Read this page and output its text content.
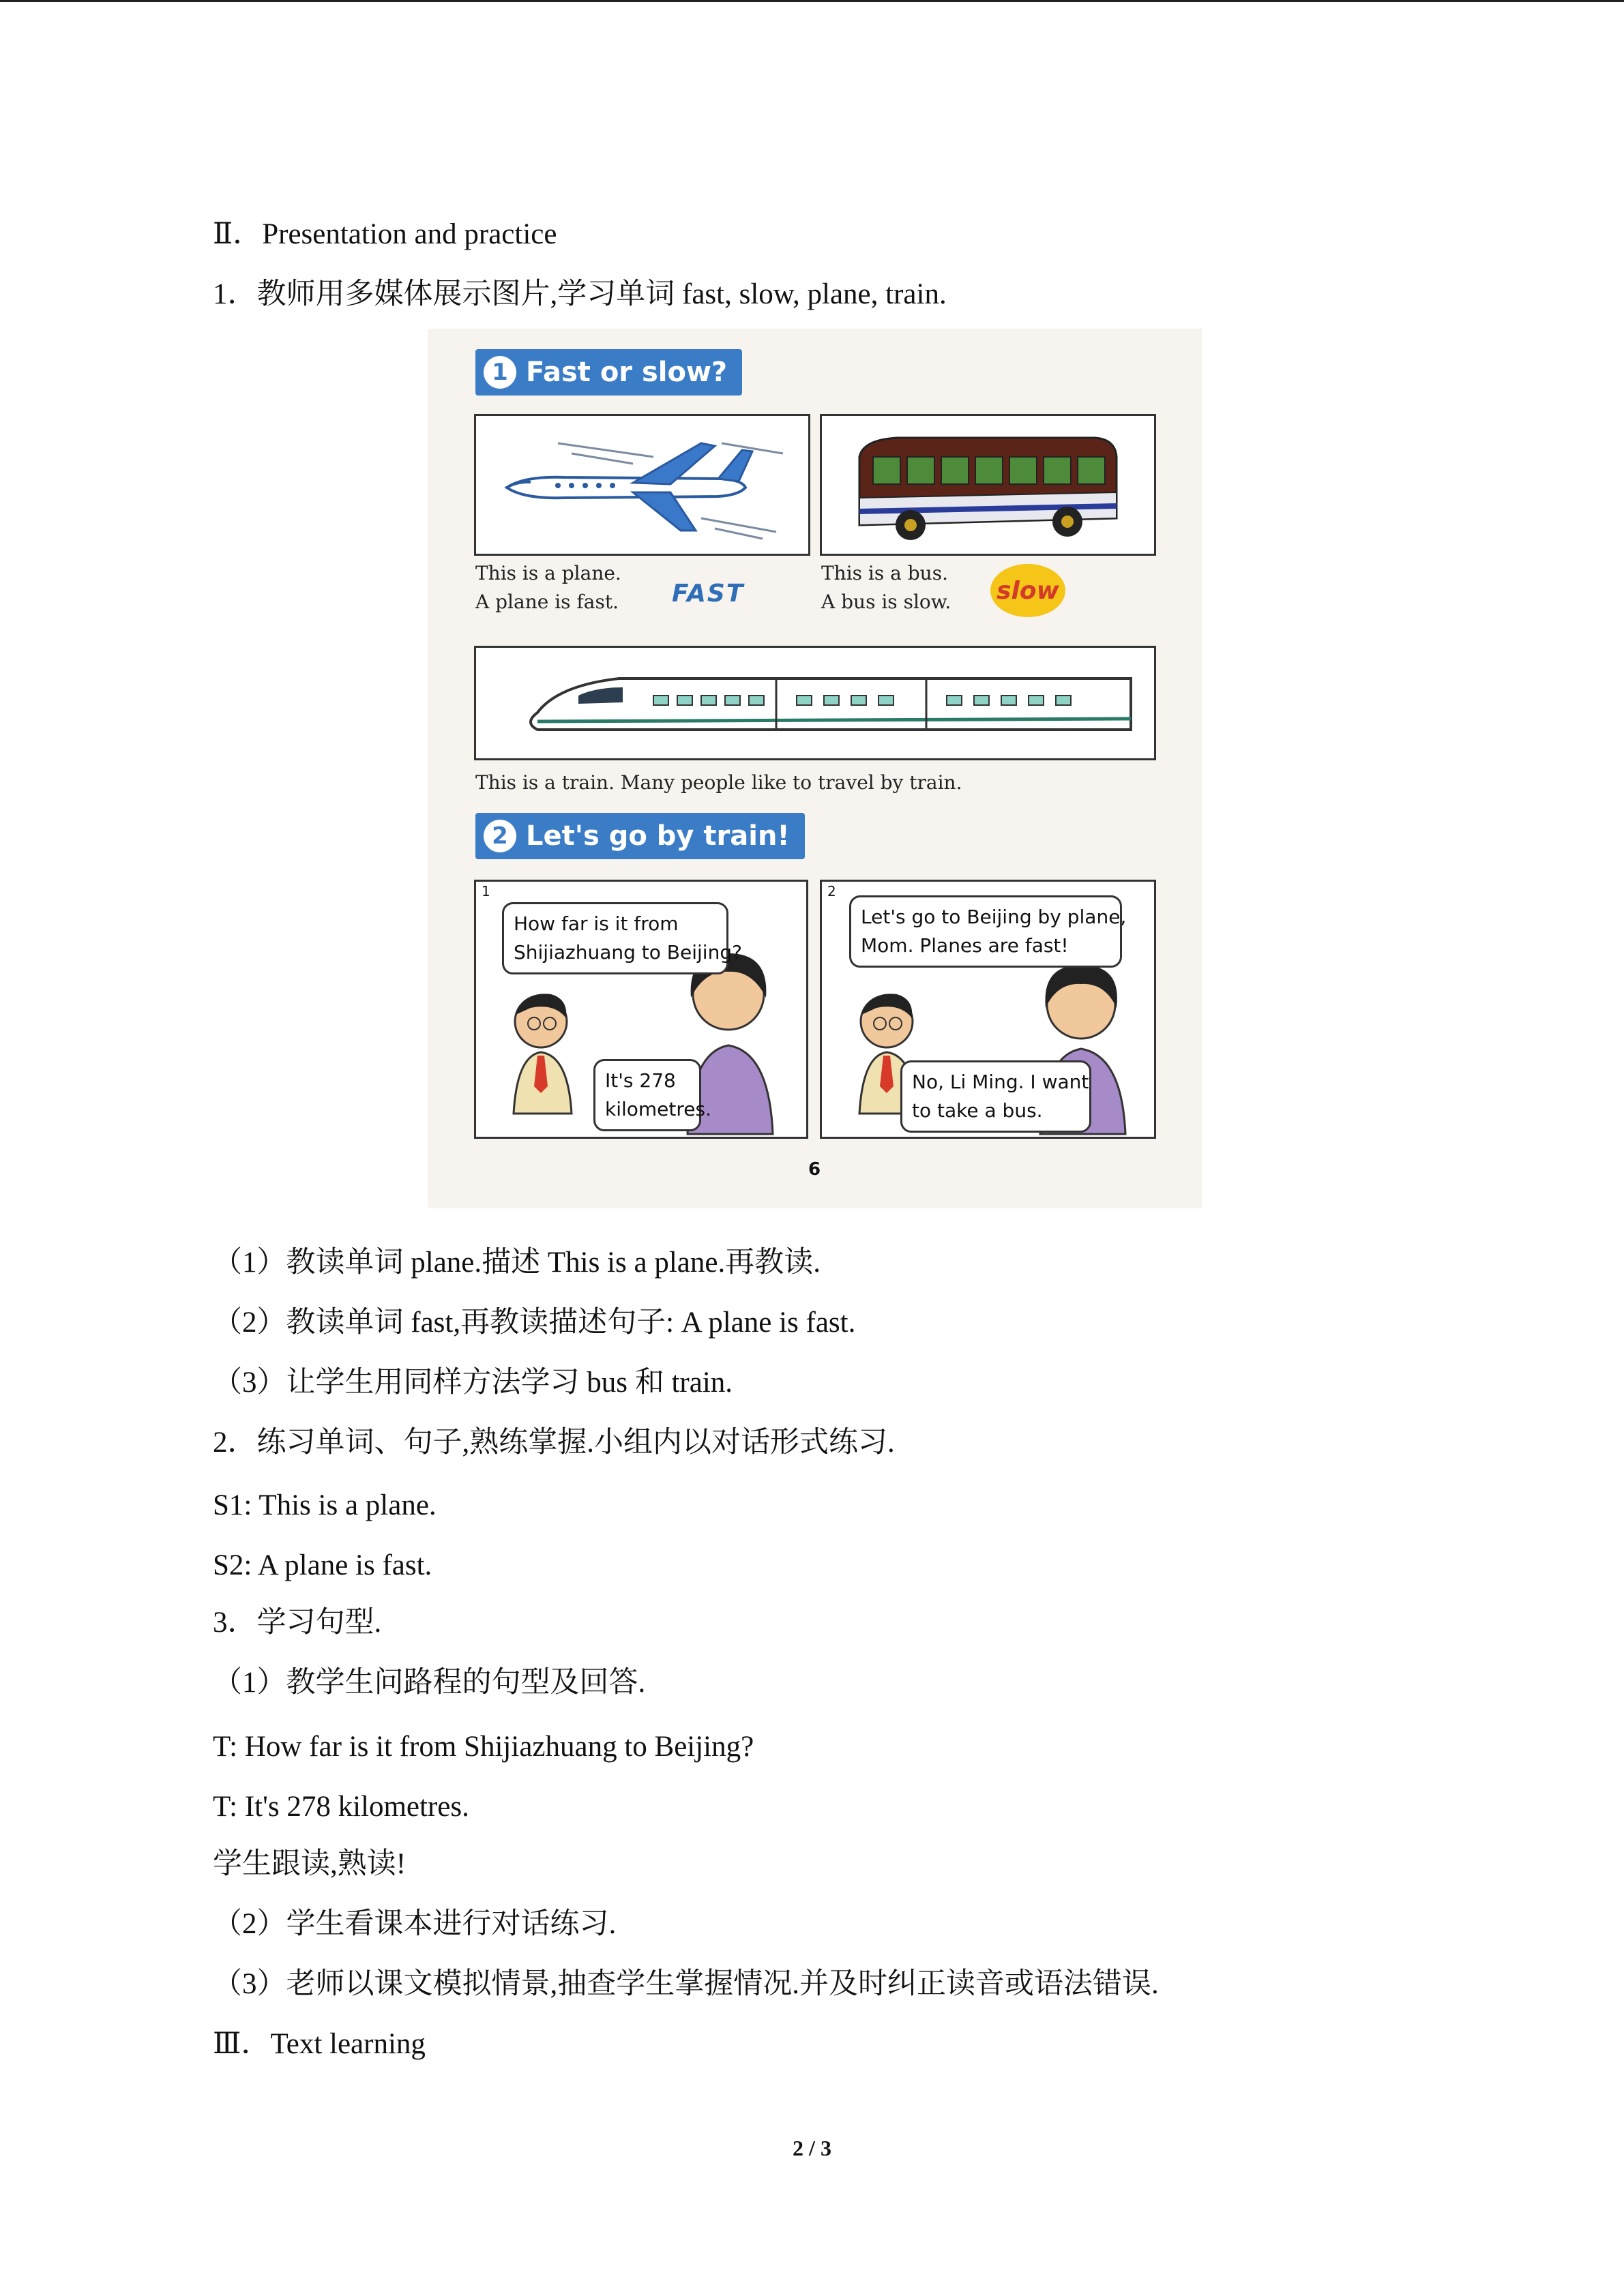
Ⅱ．Presentation and practice
1．教师用多媒体展示图片,学习单词 fast, slow, plane, train.
1 Fast or slow?
This is a plane.
A plane is fast. FAST
This is a bus.
A bus is slow. slow
This is a train. Many people like to travel by train.
2 Let's go by train!
1
How far is it from
Shijiazhuang to Beijing?
It's 278
kilometres.
2
Let's go to Beijing by plane,
Mom. Planes are fast!
No, Li Ming. I want
to take a bus.
6
（1）教读单词 plane.描述 This is a plane.再教读.
（2）教读单词 fast,再教读描述句子: A plane is fast.
（3）让学生用同样方法学习 bus 和 train.
2．练习单词、句子,熟练掌握.小组内以对话形式练习.
S1: This is a plane.
S2: A plane is fast.
3．学习句型.
（1）教学生问路程的句型及回答.
T: How far is it from Shijiazhuang to Beijing?
T: It's 278 kilometres.
学生跟读,熟读!
（2）学生看课本进行对话练习.
（3）老师以课文模拟情景,抽查学生掌握情况.并及时纠正读音或语法错误.
Ⅲ．Text learning
2 / 3
